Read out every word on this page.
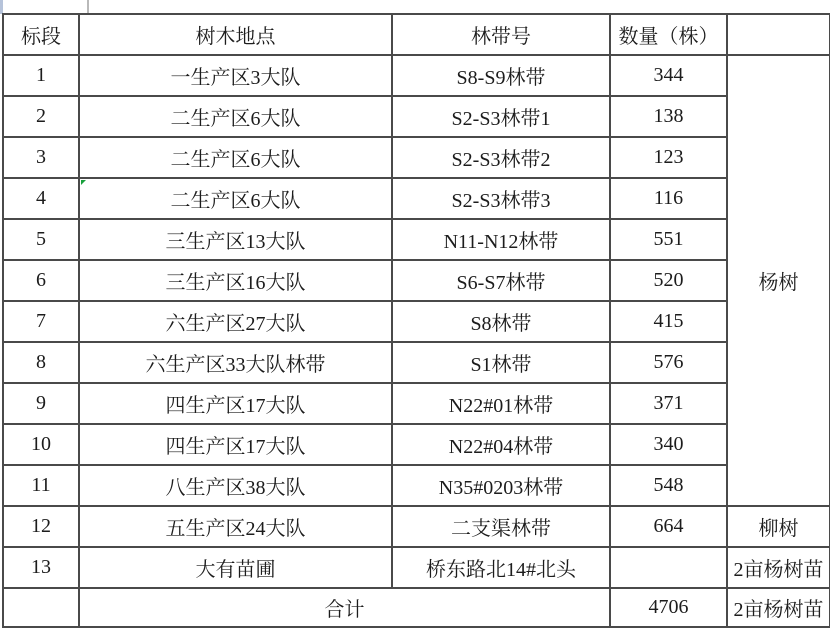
标段	树木地点	林带号	数量（株）	
1	一生产区3大队	S8-S9林带	344	杨树
2	二生产区6大队	S2-S3林带1	138	
3	二生产区6大队	S2-S3林带2	123	
4	二生产区6大队	S2-S3林带3	116	
5	三生产区13大队	N11-N12林带	551	
6	三生产区16大队	S6-S7林带	520	
7	六生产区27大队	S8林带	415	
8	六生产区33大队林带	S1林带	576	
9	四生产区17大队	N22#01林带	371	
10	四生产区17大队	N22#04林带	340	
11	八生产区38大队	N35#0203林带	548	
12	五生产区24大队	二支渠林带	664	柳树
13	大有苗圃	桥东路北14#北头		2亩杨树苗
	合计		4706	2亩杨树苗
